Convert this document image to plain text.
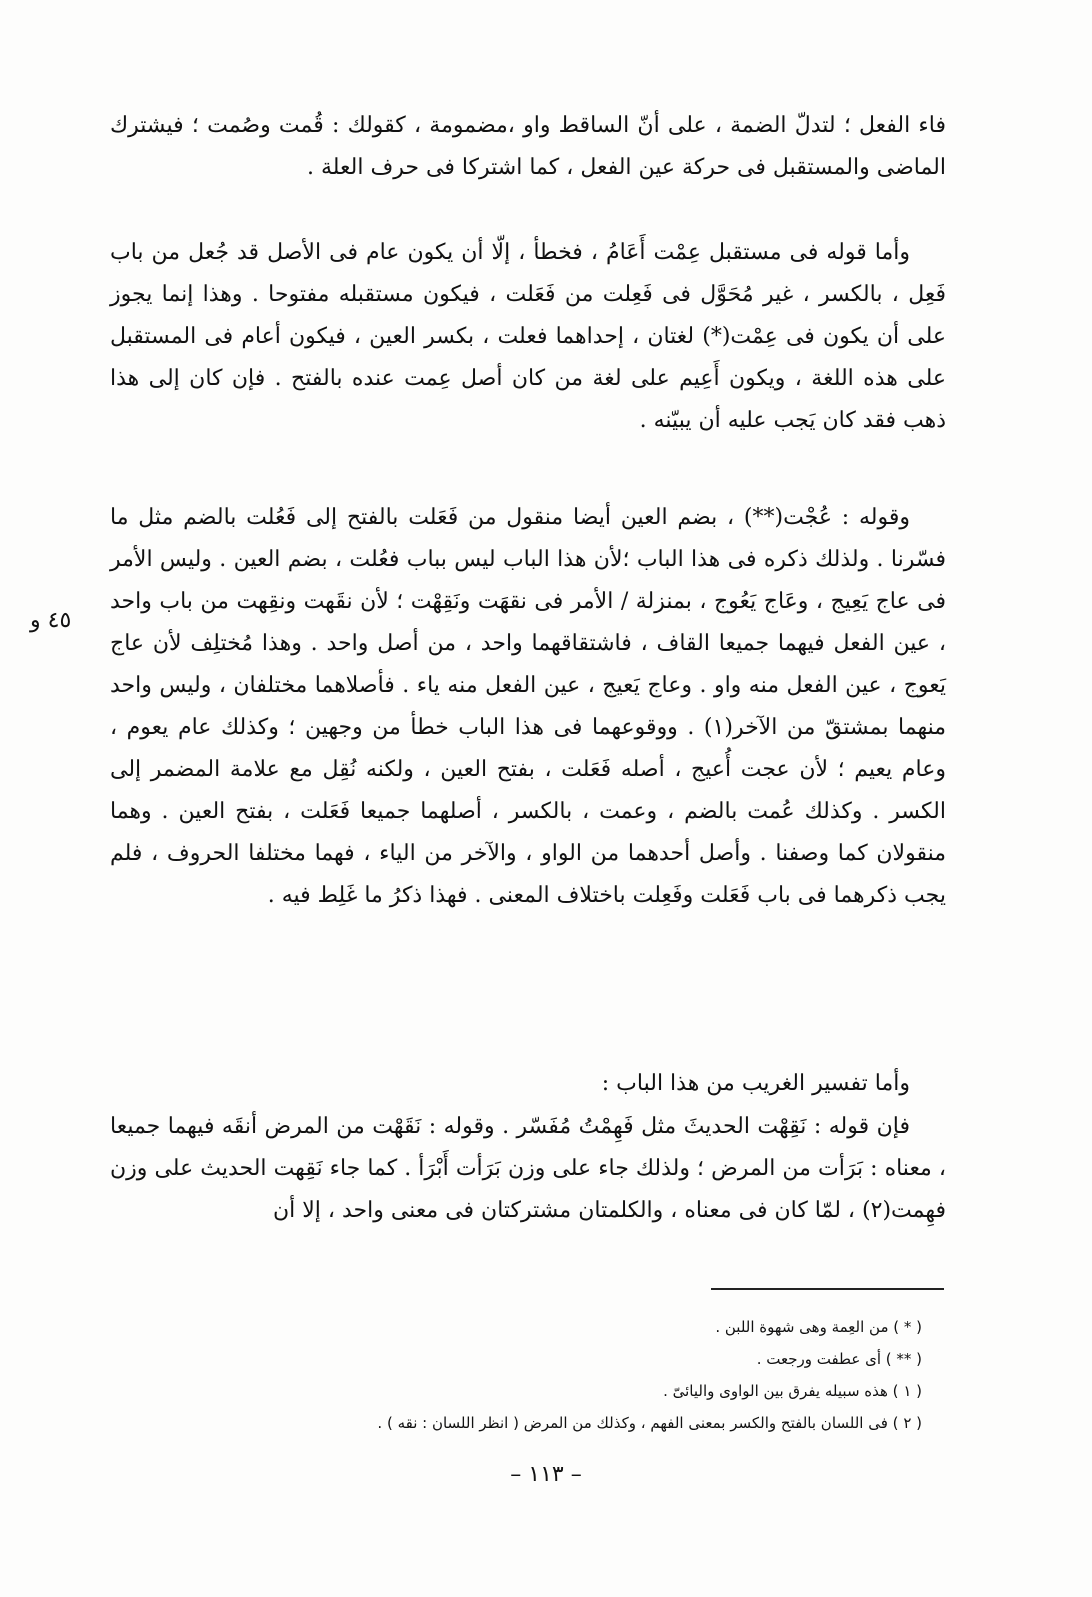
فاء الفعل ؛ لتدلّ الضمة ، على أنّ الساقط واو ،مضمومة ، كقولك : قُمت وصُمت ؛ فيشترك الماضى والمستقبل فى حركة عين الفعل ، كما اشتركا فى حرف العلة .

وأما قوله فى مستقبل عِمْت أَعَامُ ، فخطأ ، إلّا أن يكون عام فى الأصل قد جُعل من باب فَعِل ، بالكسر ، غير مُحَوَّل فى فَعِلت من فَعَلت ، فيكون مستقبله مفتوحا . وهذا إنما يجوز على أن يكون فى عِمْت(*) لغتان ، إحداهما فعلت ، بكسر العين ، فيكون أعام فى المستقبل على هذه اللغة ، ويكون أَعِيم على لغة من كان أصل عِمت عنده بالفتح . فإن كان إلى هذا ذهب فقد كان يَجب عليه أن يبيّنه .

وقوله : عُجْت(**) ، بضم العين أيضا منقول من فَعَلت بالفتح إلى فَعُلت بالضم مثل ما فسّرنا . ولذلك ذكره فى هذا الباب ؛لأن هذا الباب ليس بباب فعُلت ، بضم العين . وليس الأمر فى عاج يَعِيج ، وعَاج يَعُوج ، بمنزلة / الأمر فى نقهَت ونَقِهْت ؛ لأن نقَهت ونقِهت من باب واحد ، عين الفعل فيهما جميعا القاف ، فاشتقاقهما واحد ، من أصل واحد . وهذا مُختلِف لأن عاج يَعوج ، عين الفعل منه واو . وعاج يَعيج ، عين الفعل منه ياء . فأصلاهما مختلفان ، وليس واحد منهما بمشتقّ من الآخر(١) . ووقوعهما فى هذا الباب خطأ من وجهين ؛ وكذلك عام يعوم ، وعام يعيم ؛ لأن عجت أُعيج ، أصله فَعَلت ، بفتح العين ، ولكنه نُقِل مع علامة المضمر إلى الكسر . وكذلك عُمت بالضم ، وعمت ، بالكسر ، أصلهما جميعا فَعَلت ، بفتح العين . وهما منقولان كما وصفنا . وأصل أحدهما من الواو ، والآخر من الياء ، فهما مختلفا الحروف ، فلم يجب ذكرهما فى باب فَعَلت وفَعِلت باختلاف المعنى . فهذا ذكرُ ما غَلِط فيه .

٤٥ و

وأما تفسير الغريب من هذا الباب :

فإن قوله : نَقِهْت الحديثَ مثل فَهِمْتُ مُفَسّر . وقوله : نَقَهْت من المرض أنقَه فيهما جميعا ، معناه : بَرَأت من المرض ؛ ولذلك جاء على وزن بَرَأت أَبْرَأ . كما جاء نَقِهت الحديث على وزن فهِمت(٢) ، لمّا كان فى معناه ، والكلمتان مشتركتان فى معنى واحد ، إلا أن

( * ) من العِمة وهى شهوة اللبن .
( ** ) أى عطفت ورجعت .
( ١ ) هذه سبيله يفرق بين الواوى واليائىّ .
( ٢ ) فى اللسان بالفتح والكسر بمعنى الفهم ، وكذلك من المرض ( انظر اللسان : نقه ) .
– ١١٣ –
